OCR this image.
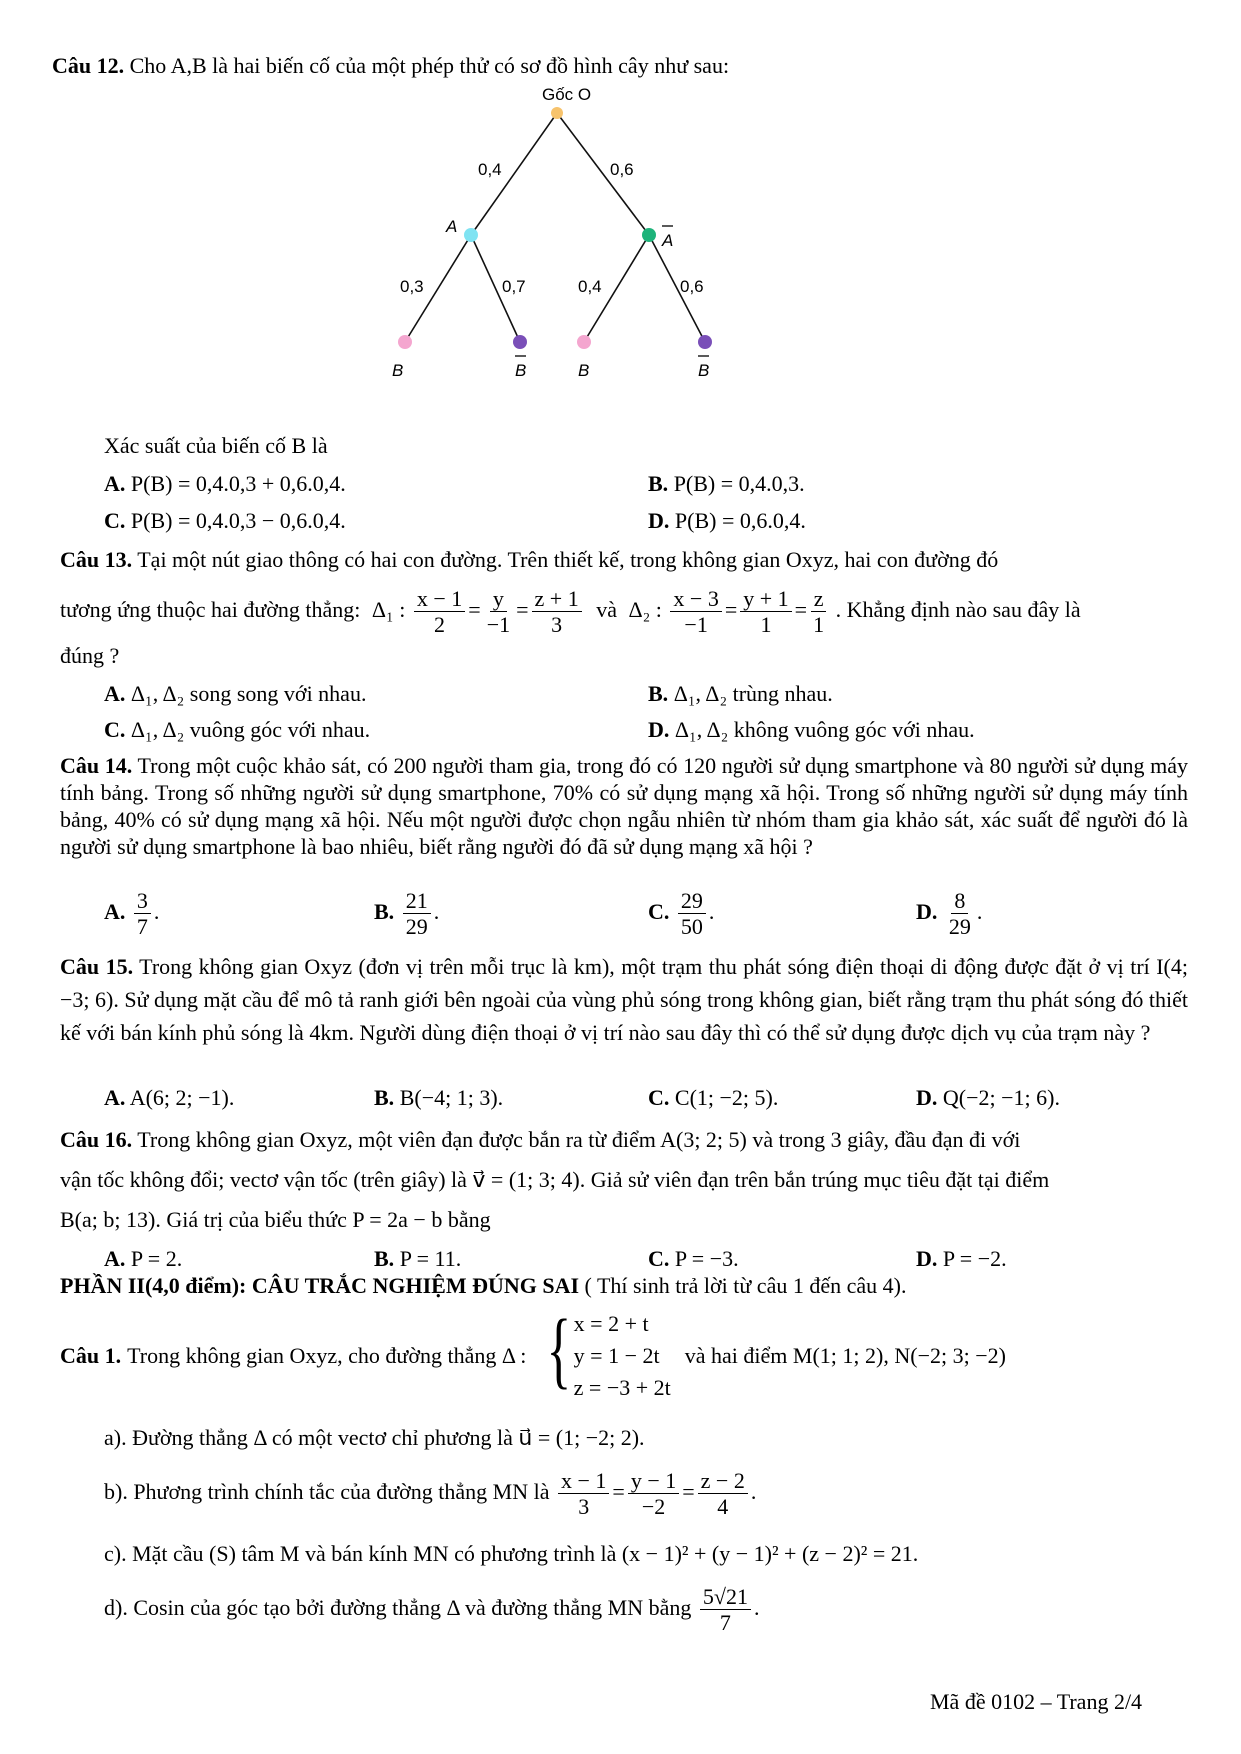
Câu 12. Cho A,B là hai biến cố của một phép thử có sơ đồ hình cây như sau:
Gốc O
0,4	0,6
A
A
0,3	0,7	0,4	0,6
B	B	B	B
Xác suất của biến cố B là
A. P(B) = 0,4.0,3 + 0,6.0,4.	B. P(B) = 0,4.0,3.
C. P(B) = 0,4.0,3 − 0,6.0,4.	D. P(B) = 0,6.0,4.
Câu 13. Tại một nút giao thông có hai con đường. Trên thiết kế, trong không gian Oxyz, hai con đường đó
tương ứng thuộc hai đường thẳng: Δ₁ : $\frac{x - 1}{2} = \frac{y}{-1} = \frac{z + 1}{3}$ và Δ₂ : $\frac{x - 3}{-1} = \frac{y + 1}{1} = \frac{z}{1}$ . Khẳng định nào sau đây là
đúng ?
A. Δ₁, Δ₂ song song với nhau.	B. Δ₁, Δ₂ trùng nhau.
C. Δ₁, Δ₂ vuông góc với nhau.	D. Δ₁, Δ₂ không vuông góc với nhau.
Câu 14. Trong một cuộc khảo sát, có 200 người tham gia, trong đó có 120 người sử dụng smartphone và 80 người sử dụng máy tính bảng. Trong số những người sử dụng smartphone, 70% có sử dụng mạng xã hội. Trong số những người sử dụng máy tính bảng, 40% có sử dụng mạng xã hội. Nếu một người được chọn ngẫu nhiên từ nhóm tham gia khảo sát, xác suất để người đó là người sử dụng smartphone là bao nhiêu, biết rằng người đó đã sử dụng mạng xã hội ?
A. $\frac{3}{7}$ .	B. $\frac{21}{29}$ .	C. $\frac{29}{50}$ .	D. $\frac{8}{29}$ .
Câu 15. Trong không gian Oxyz (đơn vị trên mỗi trục là km), một trạm thu phát sóng điện thoại di động được đặt ở vị trí I(4; −3; 6). Sử dụng mặt cầu để mô tả ranh giới bên ngoài của vùng phủ sóng trong không gian, biết rằng trạm thu phát sóng đó thiết kế với bán kính phủ sóng là 4km. Người dùng điện thoại ở vị trí nào sau đây thì có thể sử dụng được dịch vụ của trạm này ?
A. A(6; 2; −1).	B. B(−4; 1; 3).	C. C(1; −2; 5).	D. Q(−2; −1; 6).
Câu 16. Trong không gian Oxyz, một viên đạn được bắn ra từ điểm A(3; 2; 5) và trong 3 giây, đầu đạn đi với
vận tốc không đổi; vectơ vận tốc (trên giây) là v⃗ = (1; 3; 4). Giả sử viên đạn trên bắn trúng mục tiêu đặt tại điểm
B(a; b; 13). Giá trị của biểu thức P = 2a − b bằng
A. P = 2.	B. P = 11.	C. P = −3.	D. P = −2.
PHẦN II(4,0 điểm): CÂU TRẮC NGHIỆM ĐÚNG SAI ( Thí sinh trả lời từ câu 1 đến câu 4).
Câu 1. Trong không gian Oxyz, cho đường thẳng Δ : { x = 2 + t
y = 1 − 2t
z = −3 + 2t
và hai điểm M(1; 1; 2), N(−2; 3; −2)
a). Đường thẳng Δ có một vectơ chỉ phương là u⃗ = (1; −2; 2).
b). Phương trình chính tắc của đường thẳng MN là $\frac{x - 1}{3} = \frac{y - 1}{-2} = \frac{z - 2}{4}$ .
c). Mặt cầu (S) tâm M và bán kính MN có phương trình là (x − 1)² + (y − 1)² + (z − 2)² = 21.
d). Cosin của góc tạo bởi đường thẳng Δ và đường thẳng MN bằng $\frac{5√21}{7}$ .
Mã đề 0102 – Trang 2/4
